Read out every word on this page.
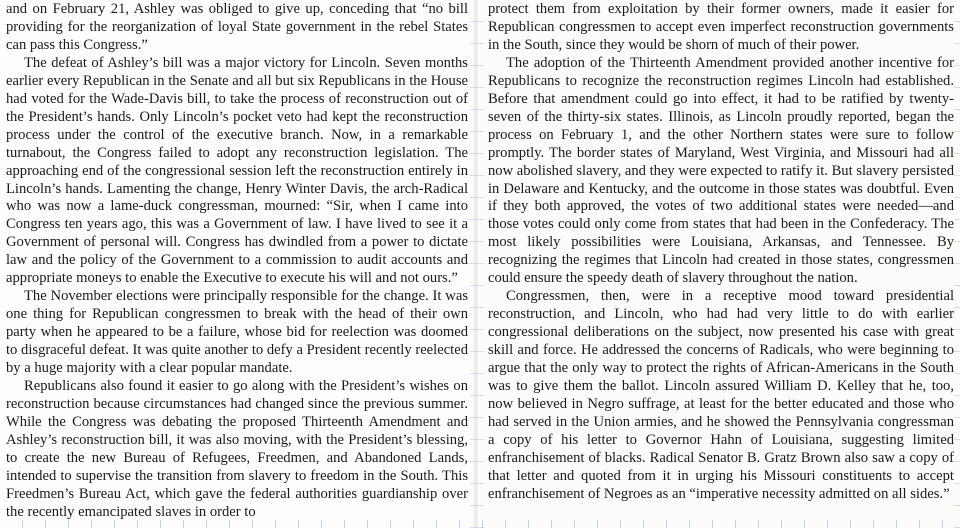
and on February 21, Ashley was obliged to give up, conceding that “no bill providing for the reorganization of loyal State government in the rebel States can pass this Congress.”

The defeat of Ashley’s bill was a major victory for Lincoln. Seven months earlier every Republican in the Senate and all but six Republicans in the House had voted for the Wade-Davis bill, to take the process of reconstruction out of the President’s hands. Only Lincoln’s pocket veto had kept the reconstruction process under the control of the executive branch. Now, in a remarkable turnabout, the Congress failed to adopt any reconstruction legislation. The approaching end of the congressional session left the reconstruction entirely in Lincoln’s hands. Lamenting the change, Henry Winter Davis, the arch-Radical who was now a lame-duck congressman, mourned: “Sir, when I came into Congress ten years ago, this was a Government of law. I have lived to see it a Government of personal will. Congress has dwindled from a power to dictate law and the policy of the Government to a commission to audit accounts and appropriate moneys to enable the Executive to execute his will and not ours.”

The November elections were principally responsible for the change. It was one thing for Republican congressmen to break with the head of their own party when he appeared to be a failure, whose bid for reelection was doomed to disgraceful defeat. It was quite another to defy a President recently reelected by a huge majority with a clear popular mandate.

Republicans also found it easier to go along with the President’s wishes on reconstruction because circumstances had changed since the previous summer. While the Congress was debating the proposed Thirteenth Amendment and Ashley’s reconstruction bill, it was also moving, with the President’s blessing, to create the new Bureau of Refugees, Freedmen, and Abandoned Lands, intended to supervise the transition from slavery to freedom in the South. This Freedmen’s Bureau Act, which gave the federal authorities guardianship over the recently emancipated slaves in order to

protect them from exploitation by their former owners, made it easier for Republican congressmen to accept even imperfect reconstruction governments in the South, since they would be shorn of much of their power.

The adoption of the Thirteenth Amendment provided another incentive for Republicans to recognize the reconstruction regimes Lincoln had established. Before that amendment could go into effect, it had to be ratified by twenty-seven of the thirty-six states. Illinois, as Lincoln proudly reported, began the process on February 1, and the other Northern states were sure to follow promptly. The border states of Maryland, West Virginia, and Missouri had all now abolished slavery, and they were expected to ratify it. But slavery persisted in Delaware and Kentucky, and the outcome in those states was doubtful. Even if they both approved, the votes of two additional states were needed—and those votes could only come from states that had been in the Confederacy. The most likely possibilities were Louisiana, Arkansas, and Tennessee. By recognizing the regimes that Lincoln had created in those states, congressmen could ensure the speedy death of slavery throughout the nation.

Congressmen, then, were in a receptive mood toward presidential reconstruction, and Lincoln, who had had very little to do with earlier congressional deliberations on the subject, now presented his case with great skill and force. He addressed the concerns of Radicals, who were beginning to argue that the only way to protect the rights of African-Americans in the South was to give them the ballot. Lincoln assured William D. Kelley that he, too, now believed in Negro suffrage, at least for the better educated and those who had served in the Union armies, and he showed the Pennsylvania congressman a copy of his letter to Governor Hahn of Louisiana, suggesting limited enfranchisement of blacks. Radical Senator B. Gratz Brown also saw a copy of that letter and quoted from it in urging his Missouri constituents to accept enfranchisement of Negroes as an “imperative necessity admitted on all sides.”
